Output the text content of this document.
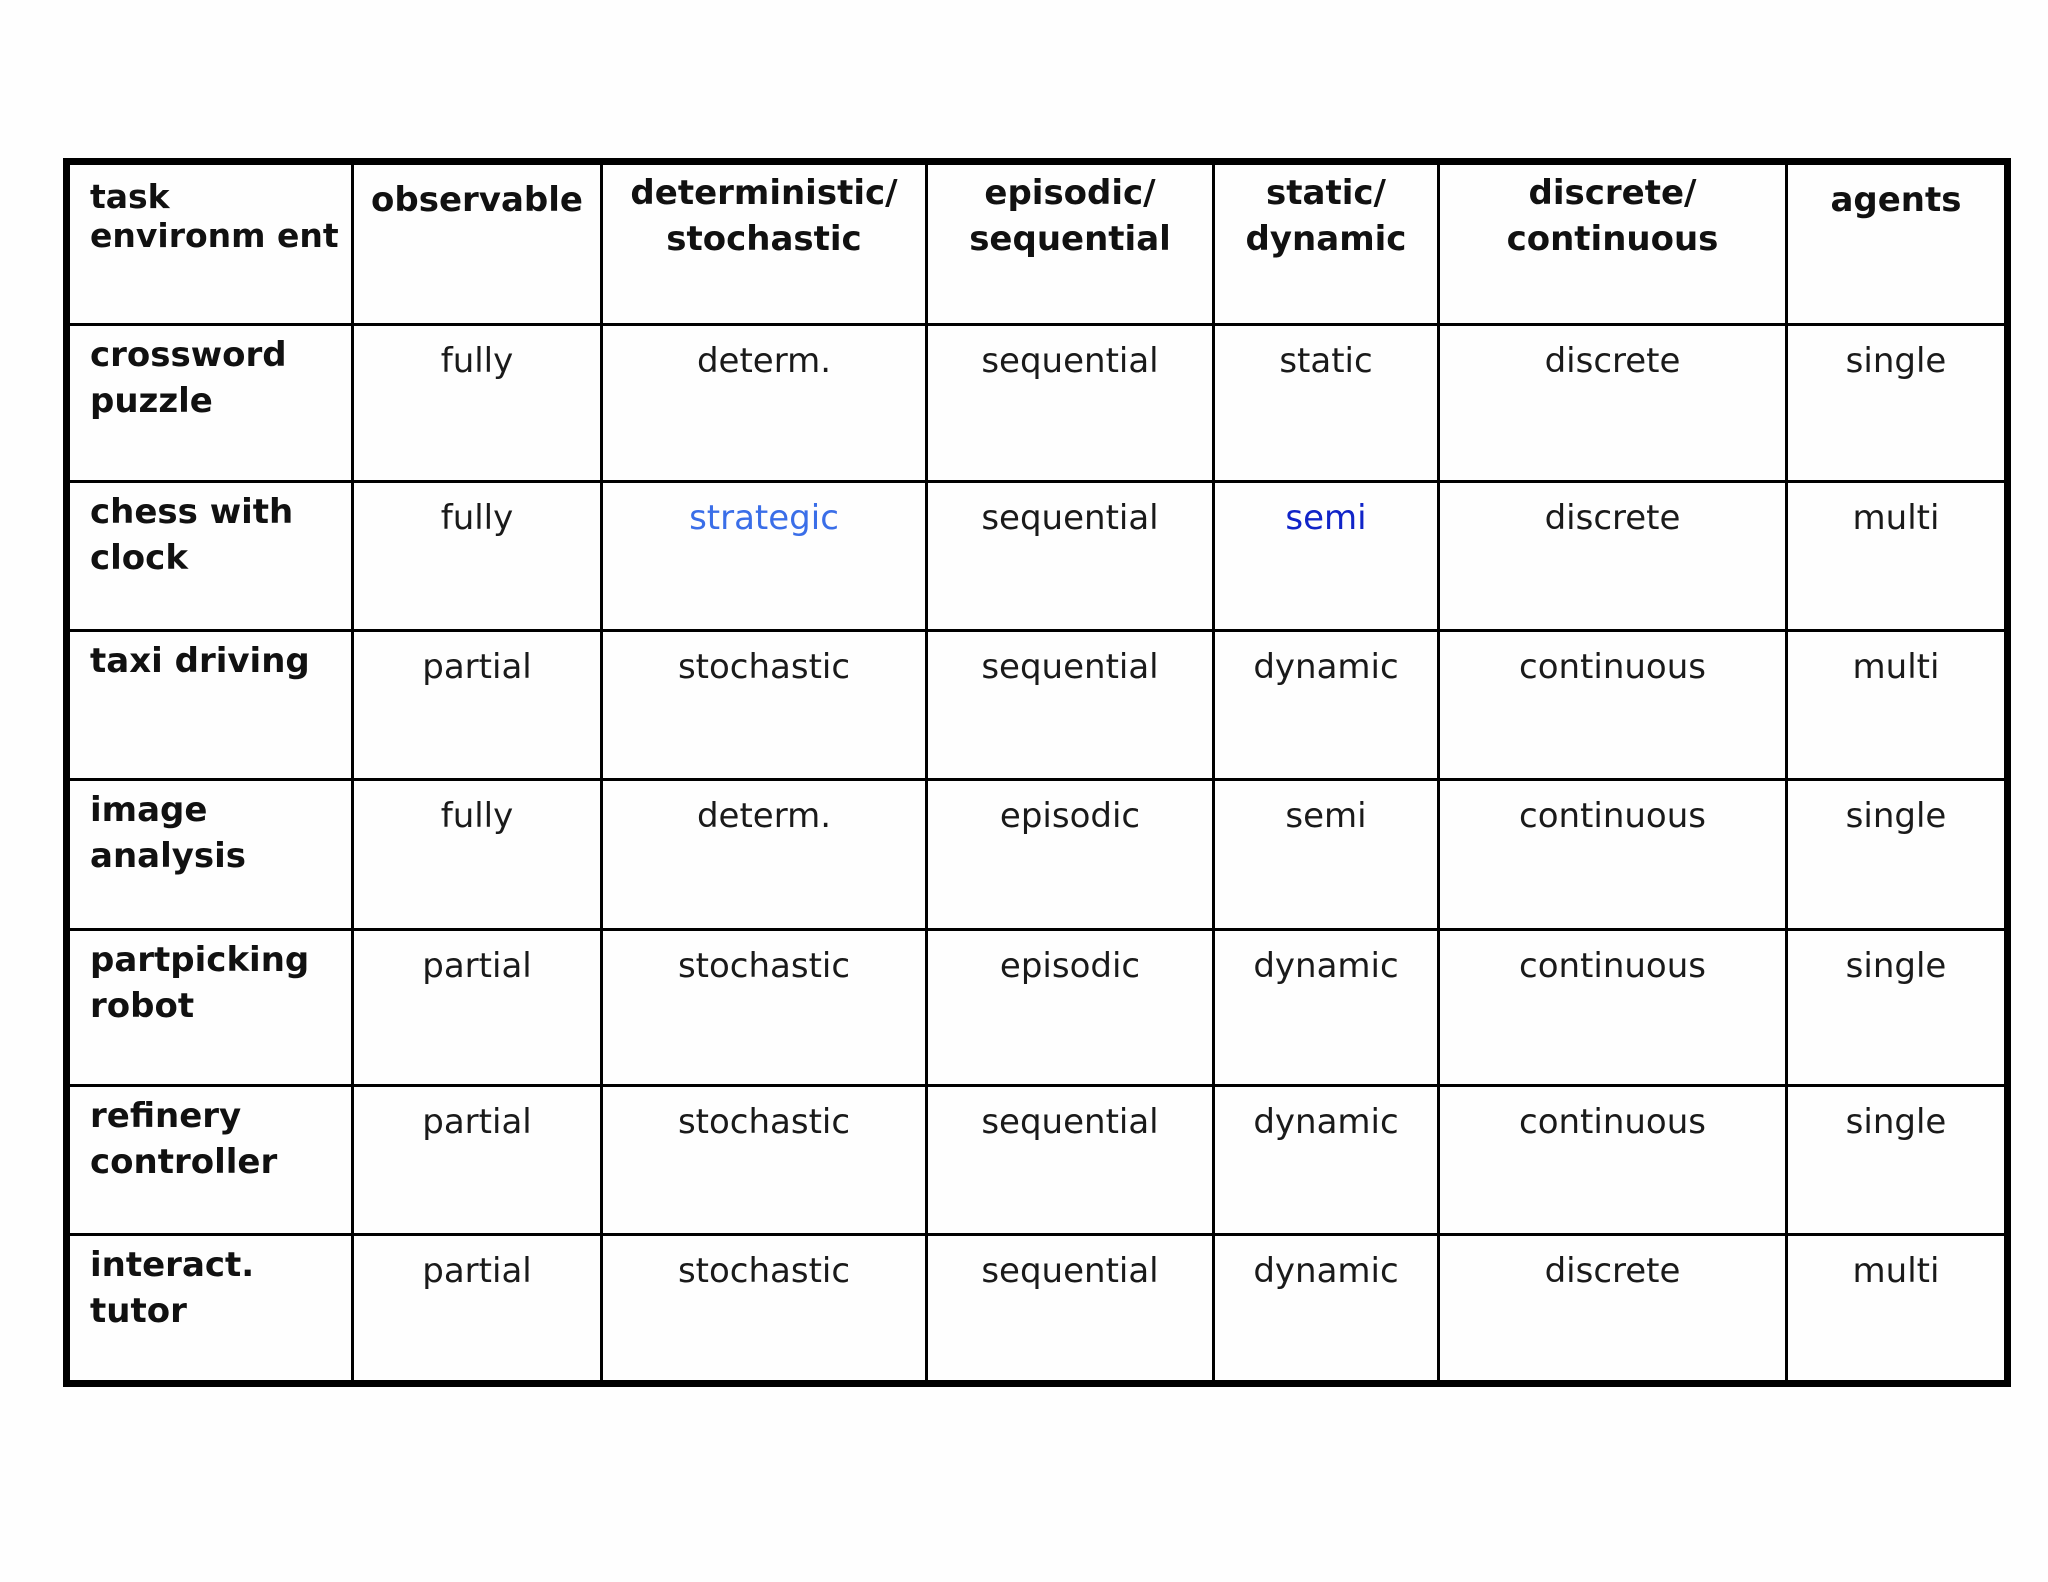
task environm ent	observable	deterministic/ stochastic	episodic/ sequential	static/ dynamic	discrete/ continuous	agents

crossword puzzle	fully	determ.	sequential	static	discrete	single

chess with clock	fully	strategic	sequential	semi	discrete	multi

taxi driving	partial	stochastic	sequential	dynamic	continuous	multi

image analysis	fully	determ.	episodic	semi	continuous	single

partpicking robot	partial	stochastic	episodic	dynamic	continuous	single

refinery controller	partial	stochastic	sequential	dynamic	continuous	single

interact. tutor	partial	stochastic	sequential	dynamic	discrete	multi
